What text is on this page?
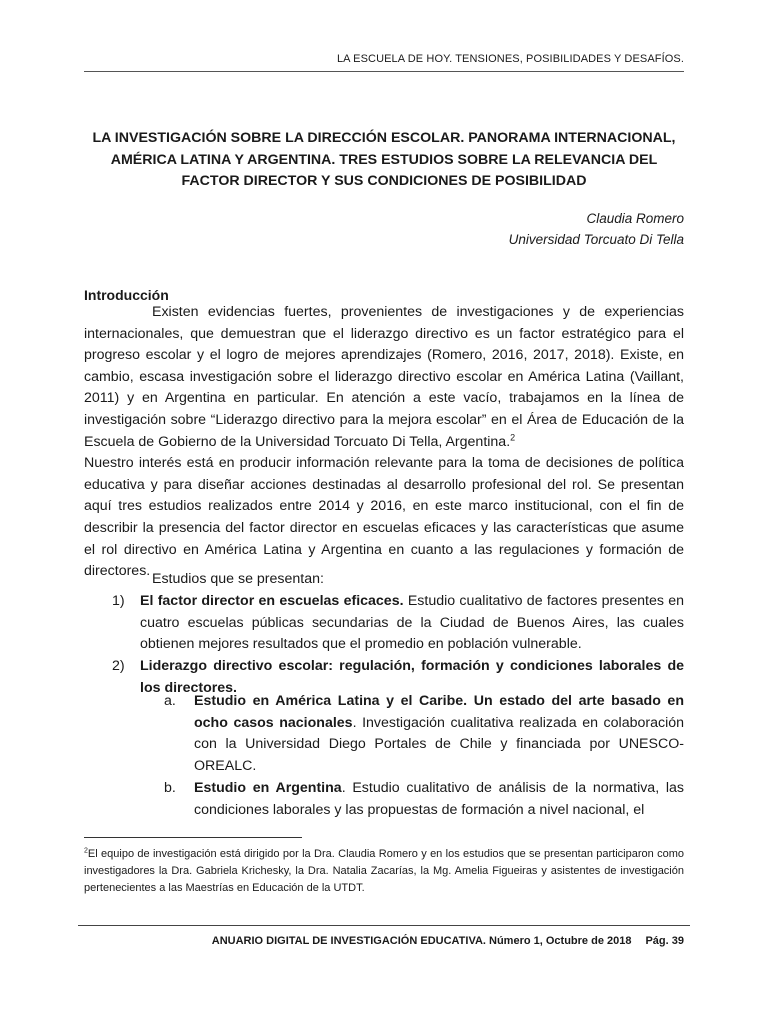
LA ESCUELA DE HOY. TENSIONES, POSIBILIDADES Y DESAFÍOS.
LA INVESTIGACIÓN SOBRE LA DIRECCIÓN ESCOLAR. PANORAMA INTERNACIONAL, AMÉRICA LATINA Y ARGENTINA. TRES ESTUDIOS SOBRE LA RELEVANCIA DEL FACTOR DIRECTOR Y SUS CONDICIONES DE POSIBILIDAD
Claudia Romero
Universidad Torcuato Di Tella
Introducción
Existen evidencias fuertes, provenientes de investigaciones y de experiencias internacionales, que demuestran que el liderazgo directivo es un factor estratégico para el progreso escolar y el logro de mejores aprendizajes (Romero, 2016, 2017, 2018). Existe, en cambio, escasa investigación sobre el liderazgo directivo escolar en América Latina (Vaillant, 2011) y en Argentina en particular. En atención a este vacío, trabajamos en la línea de investigación sobre “Liderazgo directivo para la mejora escolar” en el Área de Educación de la Escuela de Gobierno de la Universidad Torcuato Di Tella, Argentina.$^2$
Nuestro interés está en producir información relevante para la toma de decisiones de política educativa y para diseñar acciones destinadas al desarrollo profesional del rol. Se presentan aquí tres estudios realizados entre 2014 y 2016, en este marco institucional, con el fin de describir la presencia del factor director en escuelas eficaces y las características que asume el rol directivo en América Latina y Argentina en cuanto a las regulaciones y formación de directores. Estudios que se presentan:
1) El factor director en escuelas eficaces. Estudio cualitativo de factores presentes en cuatro escuelas públicas secundarias de la Ciudad de Buenos Aires, las cuales obtienen mejores resultados que el promedio en población vulnerable.
2) Liderazgo directivo escolar: regulación, formación y condiciones laborales de los directores.
a. Estudio en América Latina y el Caribe. Un estado del arte basado en ocho casos nacionales. Investigación cualitativa realizada en colaboración con la Universidad Diego Portales de Chile y financiada por UNESCO-OREALC.
b. Estudio en Argentina. Estudio cualitativo de análisis de la normativa, las condiciones laborales y las propuestas de formación a nivel nacional, el
$^2$El equipo de investigación está dirigido por la Dra. Claudia Romero y en los estudios que se presentan participaron como investigadores la Dra. Gabriela Krichesky, la Dra. Natalia Zacarías, la Mg. Amelia Figueiras y asistentes de investigación pertenecientes a las Maestrías en Educación de la UTDT.
ANUARIO DIGITAL DE INVESTIGACIÓN EDUCATIVA. Número 1, Octubre de 2018 Pág. 39
